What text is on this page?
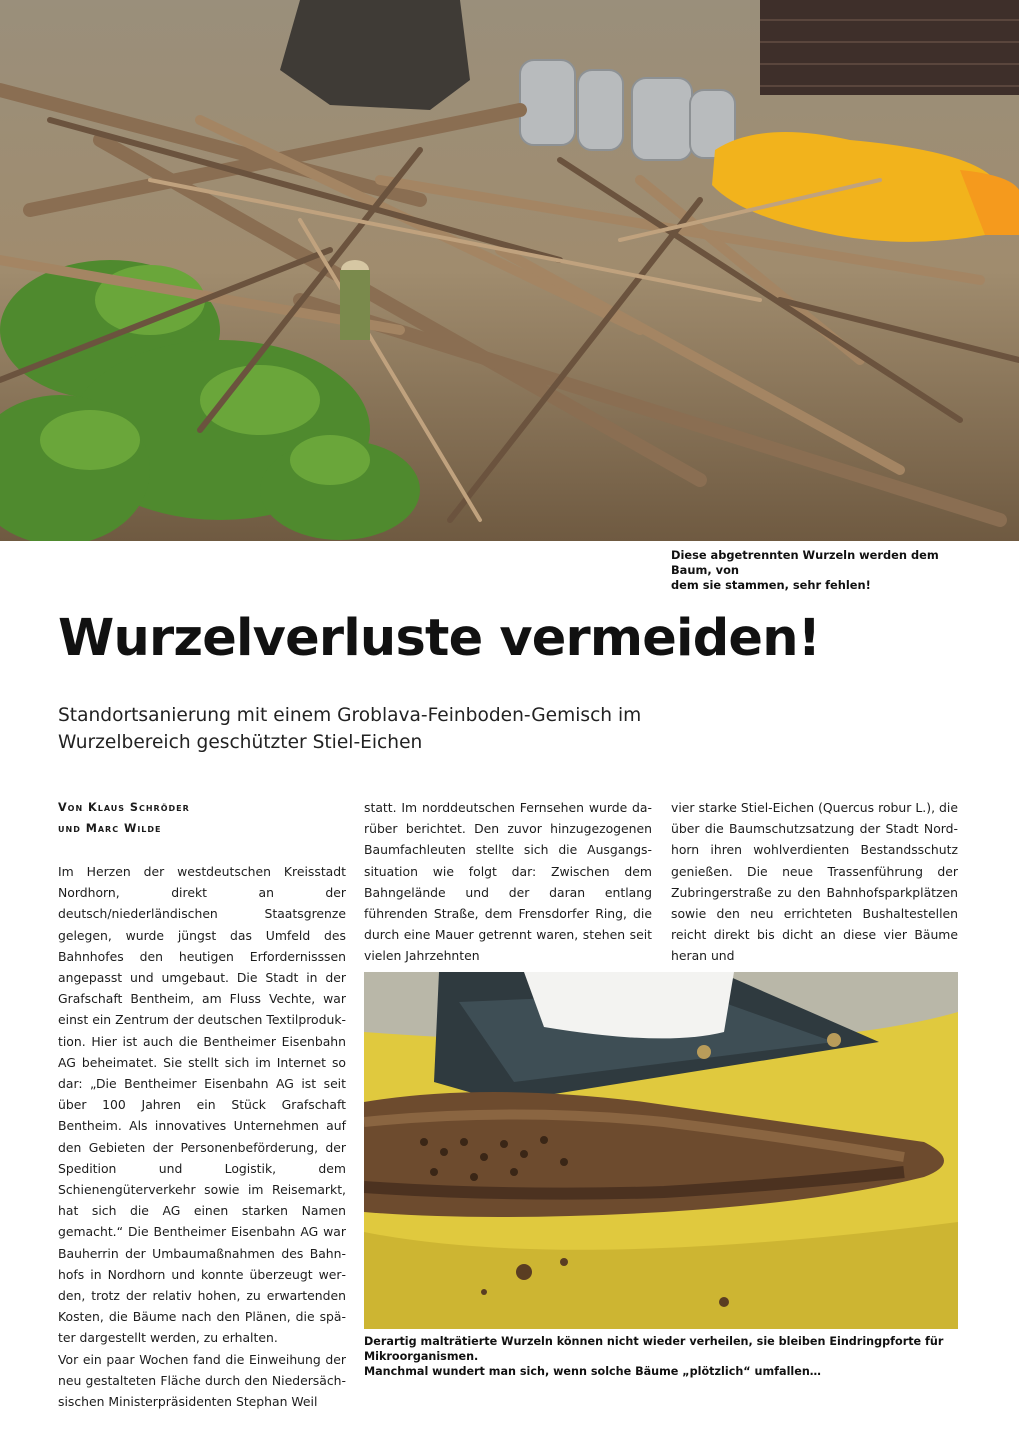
Diese abgetrennten Wurzeln werden dem Baum, von
dem sie stammen, sehr fehlen!
Wurzelverluste vermeiden!
Standortsanierung mit einem Groblava-Feinboden-Gemisch im
Wurzelbereich geschützter Stiel-Eichen
Von Klaus Schröder
und Marc Wilde

Im Herzen der westdeutschen Kreisstadt Nordhorn, direkt an der deutsch/niederländischen Staatsgrenze gelegen, wurde jüngst das Umfeld des Bahnhofes den heutigen Erfordernisssen angepasst und umgebaut. Die Stadt in der Grafschaft Bentheim, am Fluss Vechte, war einst ein Zentrum der deutschen Textilproduktion. Hier ist auch die Bentheimer Eisenbahn AG beheimatet. Sie stellt sich im Internet so dar: „Die Bentheimer Eisenbahn AG ist seit über 100 Jahren ein Stück Grafschaft Bentheim. Als innovatives Unternehmen auf den Gebieten der Personenbeförderung, der Spedition und Logistik, dem Schienengüterverkehr sowie im Reisemarkt, hat sich die AG einen starken Namen gemacht.“ Die Bentheimer Eisenbahn AG war Bauherrin der Umbaumaßnahmen des Bahnhofs in Nordhorn und konnte überzeugt werden, trotz der relativ hohen, zu erwartenden Kosten, die Bäume nach den Plänen, die später dargestellt werden, zu erhalten.

Vor ein paar Wochen fand die Einweihung der neu gestalteten Fläche durch den Niedersächsischen Ministerpräsidenten Stephan Weil

statt. Im norddeutschen Fernsehen wurde darüber berichtet. Den zuvor hinzugezogenen Baumfachleuten stellte sich die Ausgangssituation wie folgt dar: Zwischen dem Bahngelände und der daran entlang führenden Straße, dem Frensdorfer Ring, die durch eine Mauer getrennt waren, stehen seit vielen Jahrzehnten

vier starke Stiel-Eichen (Quercus robur L.), die über die Baumschutzsatzung der Stadt Nordhorn ihren wohlverdienten Bestandsschutz genießen. Die neue Trassenführung der Zubringerstraße zu den Bahnhofsparkplätzen sowie den neu errichteten Bushaltestellen reicht direkt bis dicht an diese vier Bäume heran und

Derartig malträtierte Wurzeln können nicht wieder verheilen, sie bleiben Eindringpforte für Mikroorganismen.
Manchmal wundert man sich, wenn solche Bäume „plötzlich“ umfallen…
